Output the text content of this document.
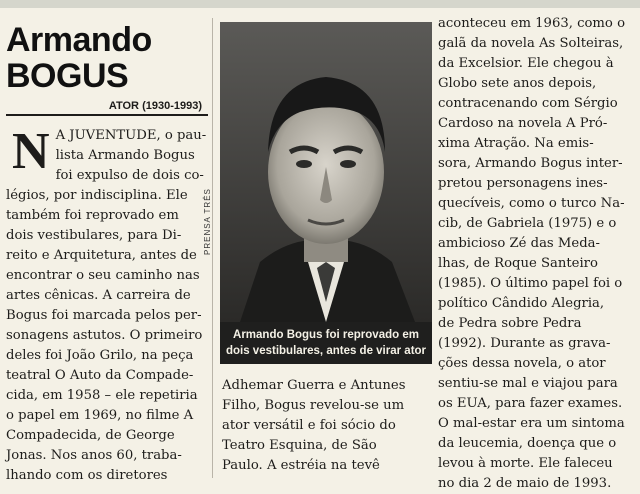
Armando
BOGUS
ATOR (1930-1993)
N A JUVENTUDE, o pau-
lista Armando Bogus
foi expulso de dois co-
légios, por indisciplina. Ele
também foi reprovado em
dois vestibulares, para Di-
reito e Arquitetura, antes de
encontrar o seu caminho nas
artes cênicas. A carreira de
Bogus foi marcada pelos per-
sonagens astutos. O primeiro
deles foi João Grilo, na peça
teatral O Auto da Compade-
cida, em 1958 – ele repetiria
o papel em 1969, no filme A
Compadecida, de George
Jonas. Nos anos 60, traba-
lhando com os diretores
PRENSA TRÊS
Armando Bogus foi reprovado em
dois vestibulares, antes de virar ator
Adhemar Guerra e Antunes
Filho, Bogus revelou-se um
ator versátil e foi sócio do
Teatro Esquina, de São
Paulo. A estréia na tevê
aconteceu em 1963, como o
galã da novela As Solteiras,
da Excelsior. Ele chegou à
Globo sete anos depois,
contracenando com Sérgio
Cardoso na novela A Pró-
xima Atração. Na emis-
sora, Armando Bogus inter-
pretou personagens ines-
quecíveis, como o turco Na-
cib, de Gabriela (1975) e o
ambicioso Zé das Meda-
lhas, de Roque Santeiro
(1985). O último papel foi o
político Cândido Alegria,
de Pedra sobre Pedra
(1992). Durante as grava-
ções dessa novela, o ator
sentiu-se mal e viajou para
os EUA, para fazer exames.
O mal-estar era um sintoma
da leucemia, doença que o
levou à morte. Ele faleceu
no dia 2 de maio de 1993.
